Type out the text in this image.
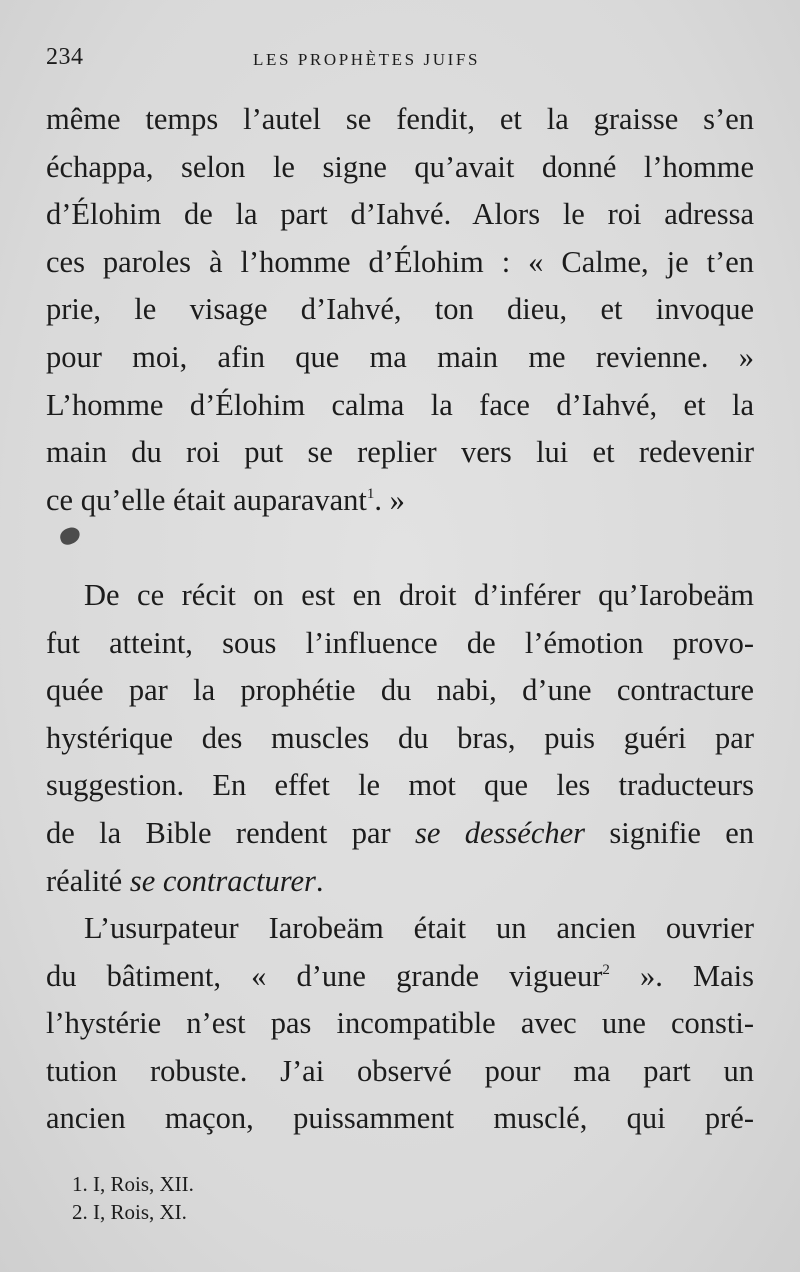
234	LES PROPHÈTES JUIFS
même temps l’autel se fendit, et la graisse s’en
échappa, selon le signe qu’avait donné l’homme
d’Élohim de la part d’Iahvé. Alors le roi adressa
ces paroles à l’homme d’Élohim : « Calme, je t’en
prie, le visage d’Iahvé, ton dieu, et invoque
pour moi, afin que ma main me revienne. »
L’homme d’Élohim calma la face d’Iahvé, et la
main du roi put se replier vers lui et redevenir
ce qu’elle était auparavant$^1$. »
De ce récit on est en droit d’inférer qu’Iarobeäm
fut atteint, sous l’influence de l’émotion provo-
quée par la prophétie du nabi, d’une contracture
hystérique des muscles du bras, puis guéri par
suggestion. En effet le mot que les traducteurs
de la Bible rendent par se dessécher signifie en
réalité se contracturer.
L’usurpateur Iarobeäm était un ancien ouvrier
du bâtiment, « d’une grande vigueur$^2$ ». Mais
l’hystérie n’est pas incompatible avec une consti-
tution robuste. J’ai observé pour ma part un
ancien maçon, puissamment musclé, qui pré-
1. I, Rois, XII.
2. I, Rois, XI.
